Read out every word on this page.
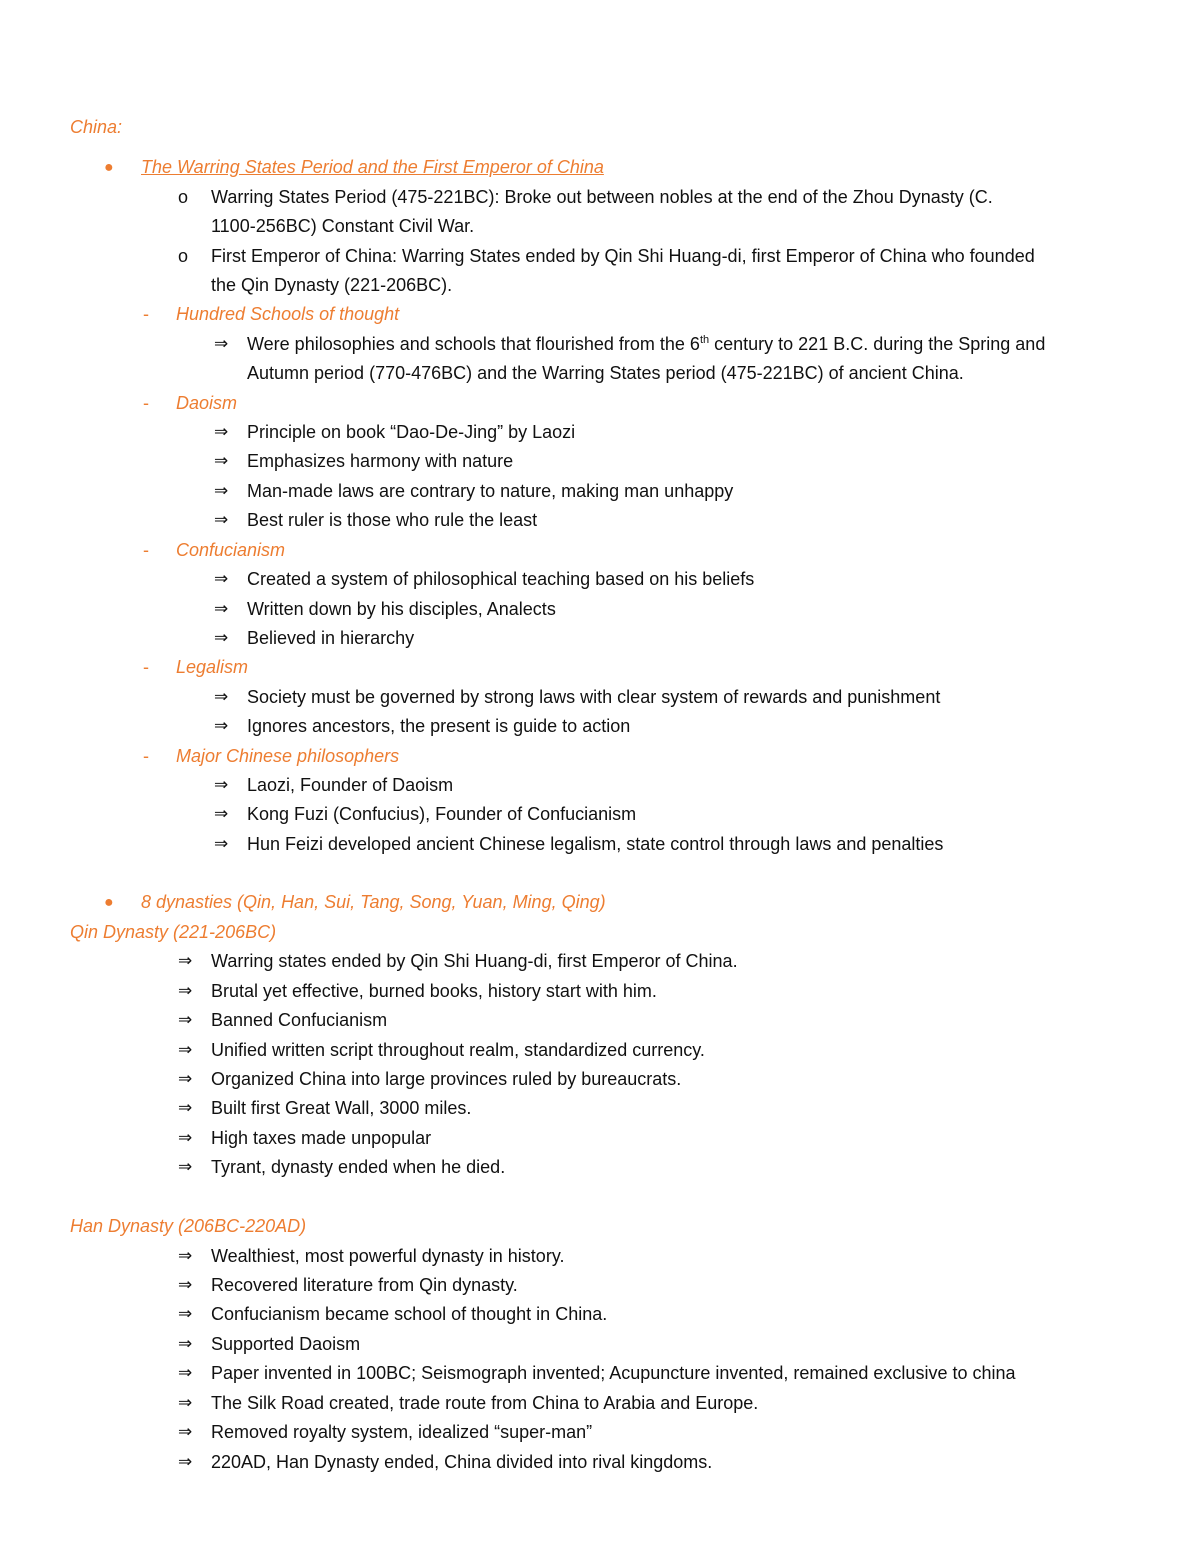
China:
● The Warring States Period and the First Emperor of China
o Warring States Period (475-221BC): Broke out between nobles at the end of the Zhou Dynasty (C.
1100-256BC) Constant Civil War.
o First Emperor of China: Warring States ended by Qin Shi Huang-di, first Emperor of China who founded
the Qin Dynasty (221-206BC).
- Hundred Schools of thought
⇒ Were philosophies and schools that flourished from the 6th century to 221 B.C. during the Spring and
Autumn period (770-476BC) and the Warring States period (475-221BC) of ancient China.
- Daoism
⇒ Principle on book “Dao-De-Jing” by Laozi
⇒ Emphasizes harmony with nature
⇒ Man-made laws are contrary to nature, making man unhappy
⇒ Best ruler is those who rule the least
- Confucianism
⇒ Created a system of philosophical teaching based on his beliefs
⇒ Written down by his disciples, Analects
⇒ Believed in hierarchy
- Legalism
⇒ Society must be governed by strong laws with clear system of rewards and punishment
⇒ Ignores ancestors, the present is guide to action
- Major Chinese philosophers
⇒ Laozi, Founder of Daoism
⇒ Kong Fuzi (Confucius), Founder of Confucianism
⇒ Hun Feizi developed ancient Chinese legalism, state control through laws and penalties
● 8 dynasties (Qin, Han, Sui, Tang, Song, Yuan, Ming, Qing)
Qin Dynasty (221-206BC)
⇒ Warring states ended by Qin Shi Huang-di, first Emperor of China.
⇒ Brutal yet effective, burned books, history start with him.
⇒ Banned Confucianism
⇒ Unified written script throughout realm, standardized currency.
⇒ Organized China into large provinces ruled by bureaucrats.
⇒ Built first Great Wall, 3000 miles.
⇒ High taxes made unpopular
⇒ Tyrant, dynasty ended when he died.
Han Dynasty (206BC-220AD)
⇒ Wealthiest, most powerful dynasty in history.
⇒ Recovered literature from Qin dynasty.
⇒ Confucianism became school of thought in China.
⇒ Supported Daoism
⇒ Paper invented in 100BC; Seismograph invented; Acupuncture invented, remained exclusive to china
⇒ The Silk Road created, trade route from China to Arabia and Europe.
⇒ Removed royalty system, idealized “super-man”
⇒ 220AD, Han Dynasty ended, China divided into rival kingdoms.
